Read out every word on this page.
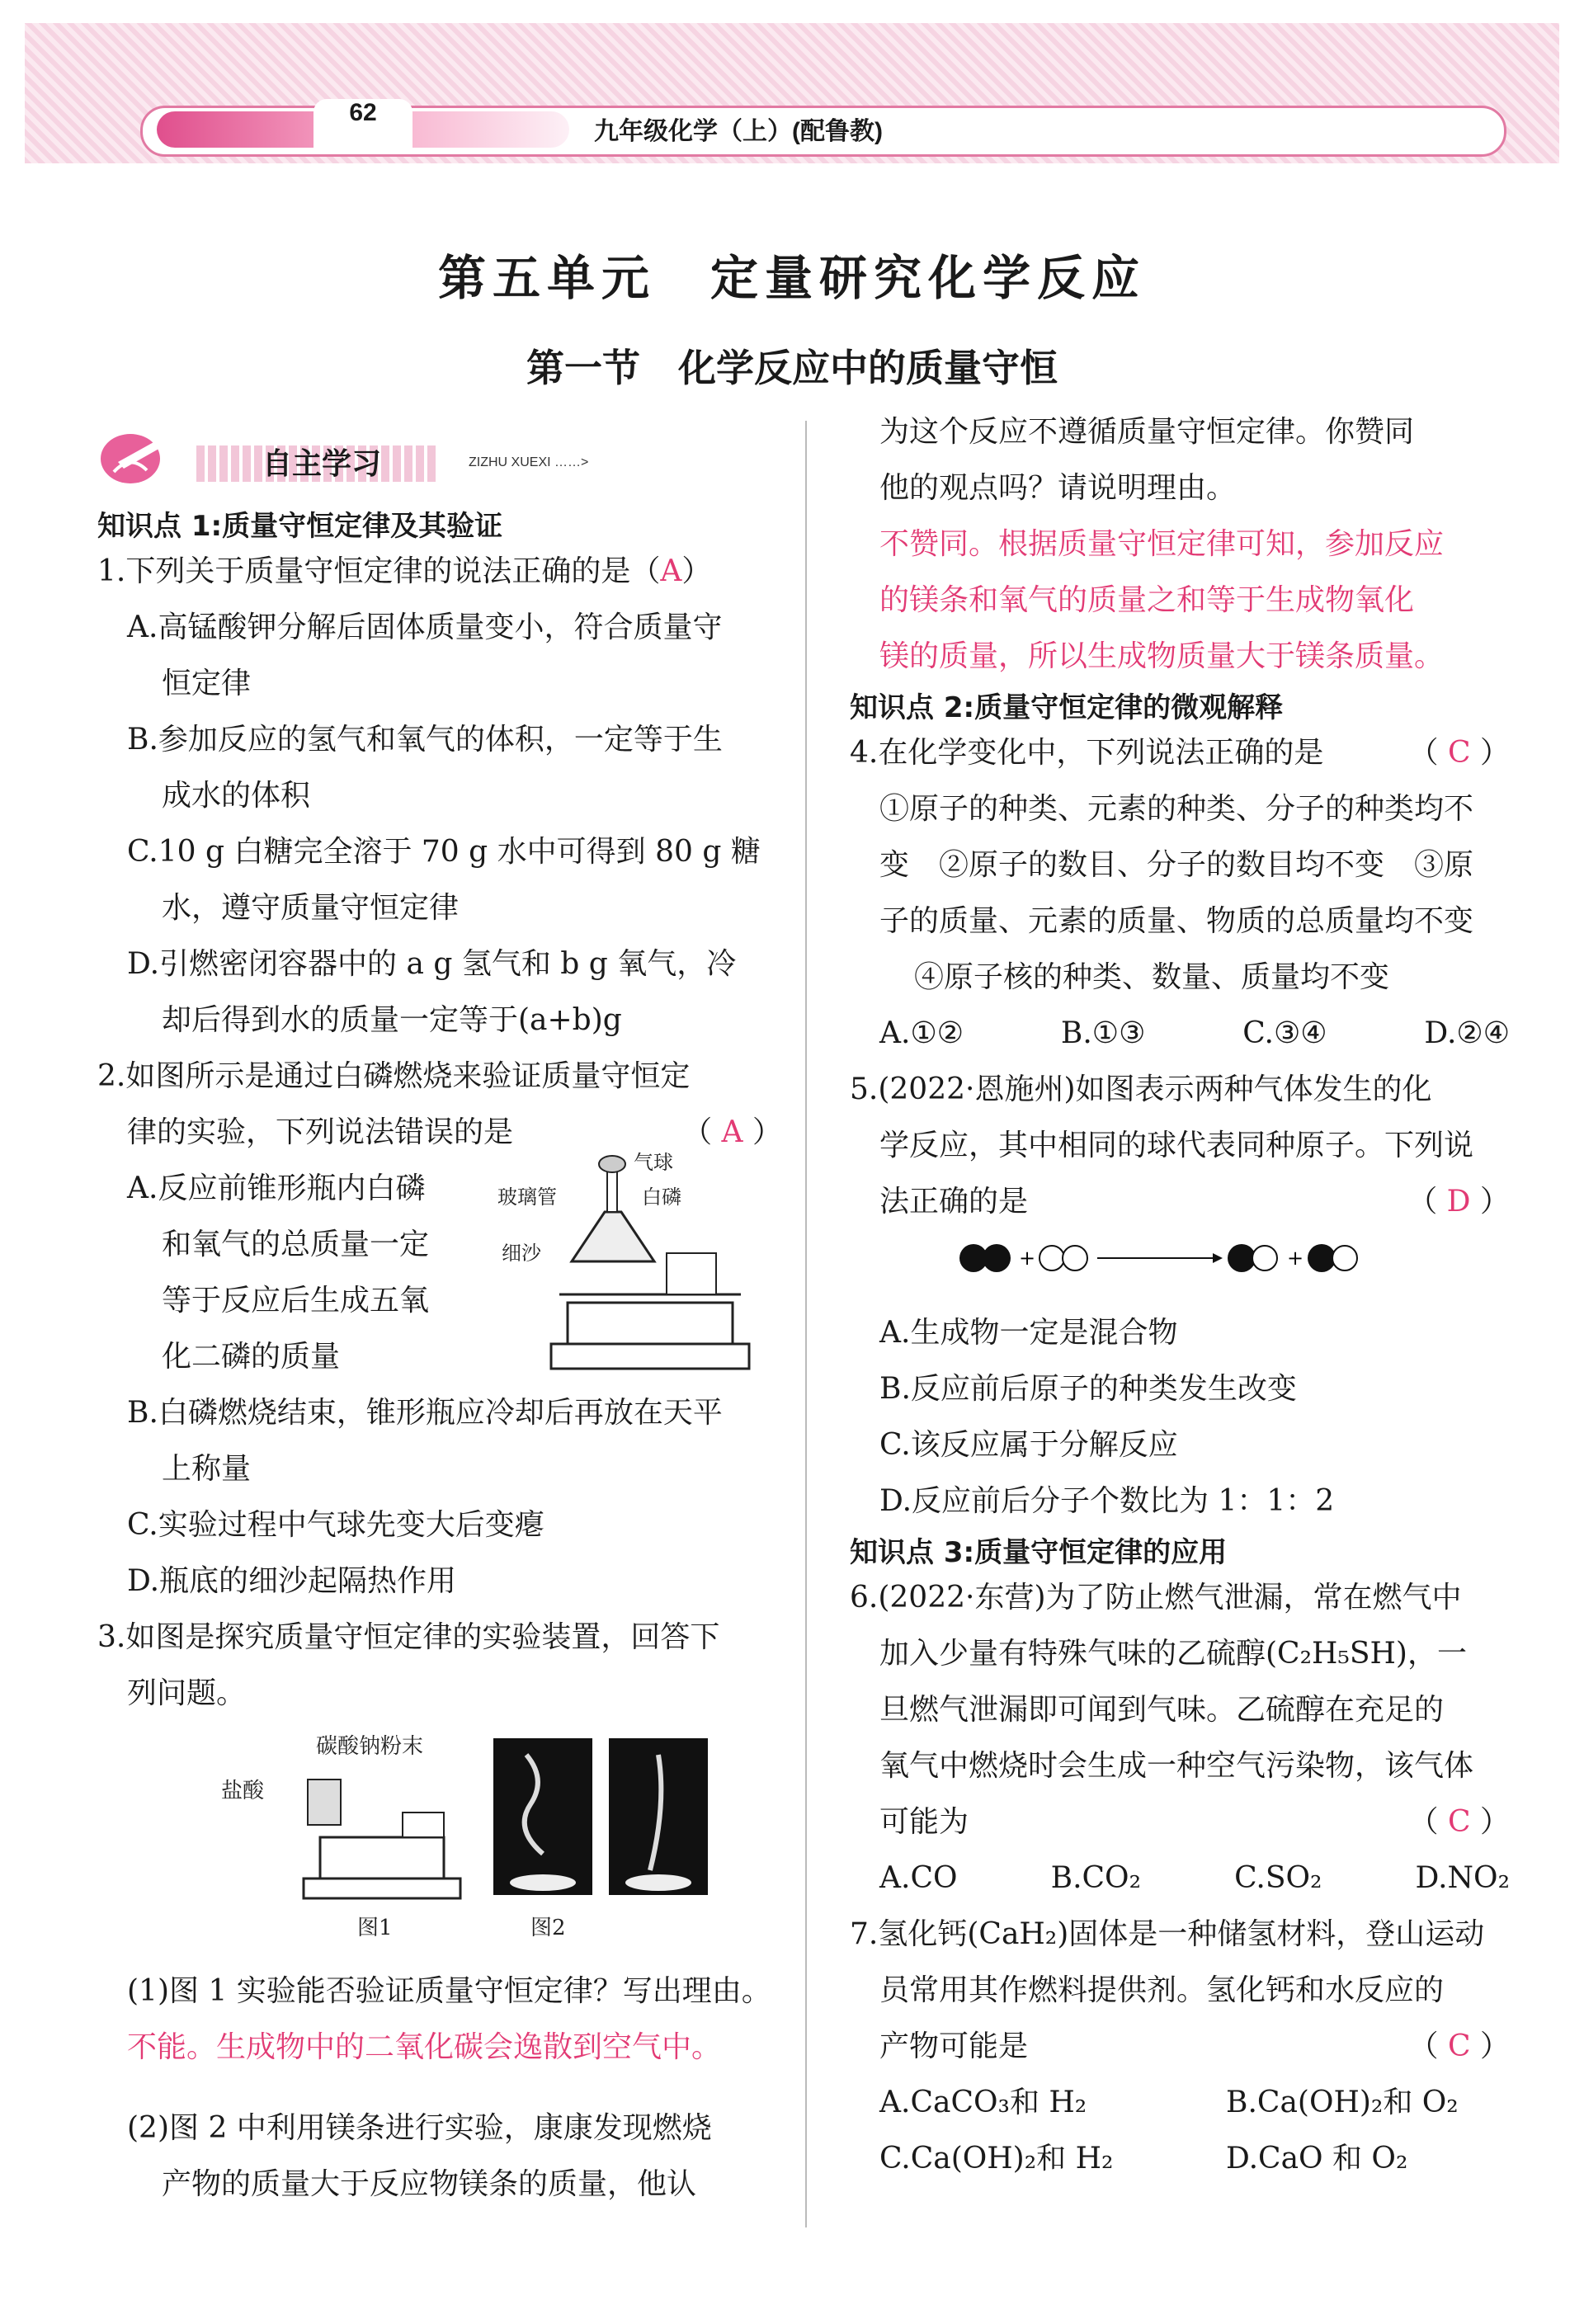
62
九年级化学（上）(配鲁教)
第五单元　定量研究化学反应
第一节　化学反应中的质量守恒
自主学习	ZIZHU XUEXI ……>

知识点 1:质量守恒定律及其验证

1.下列关于质量守恒定律的说法正确的是（A）

A.高锰酸钾分解后固体质量变小，符合质量守

恒定律

B.参加反应的氢气和氧气的体积，一定等于生

成水的体积

C.10 g 白糖完全溶于 70 g 水中可得到 80 g 糖

水，遵守质量守恒定律

D.引燃密闭容器中的 a g 氢气和 b g 氧气，冷

却后得到水的质量一定等于(a+b)g

2.如图所示是通过白磷燃烧来验证质量守恒定

律的实验，下列说法错误的是	（ A ）

A.反应前锥形瓶内白磷

和氧气的总质量一定

等于反应后生成五氧

化二磷的质量

气球
玻璃管	白磷
细沙

B.白磷燃烧结束，锥形瓶应冷却后再放在天平

上称量

C.实验过程中气球先变大后变瘪

D.瓶底的细沙起隔热作用

3.如图是探究质量守恒定律的实验装置，回答下

列问题。

碳酸钠粉末
盐酸
图1	图2

(1)图 1 实验能否验证质量守恒定律？写出理由。

不能。生成物中的二氧化碳会逸散到空气中。

(2)图 2 中利用镁条进行实验，康康发现燃烧

产物的质量大于反应物镁条的质量，他认

为这个反应不遵循质量守恒定律。你赞同

他的观点吗？请说明理由。

不赞同。根据质量守恒定律可知，参加反应

的镁条和氧气的质量之和等于生成物氧化

镁的质量，所以生成物质量大于镁条质量。

知识点 2:质量守恒定律的微观解释

4.在化学变化中，下列说法正确的是	（ C ）

①原子的种类、元素的种类、分子的种类均不

变　②原子的数目、分子的数目均不变　③原

子的质量、元素的质量、物质的总质量均不变

④原子核的种类、数量、质量均不变

A.①②	B.①③	C.③④	D.②④

5.(2022·恩施州)如图表示两种气体发生的化

学反应，其中相同的球代表同种原子。下列说

法正确的是	（ D ）

+	+

A.生成物一定是混合物

B.反应前后原子的种类发生改变

C.该反应属于分解反应

D.反应前后分子个数比为 1：1：2

知识点 3:质量守恒定律的应用

6.(2022·东营)为了防止燃气泄漏，常在燃气中

加入少量有特殊气味的乙硫醇(C₂H₅SH)，一

旦燃气泄漏即可闻到气味。乙硫醇在充足的

氧气中燃烧时会生成一种空气污染物，该气体

可能为	（ C ）

A.CO	B.CO₂	C.SO₂	D.NO₂

7.氢化钙(CaH₂)固体是一种储氢材料，登山运动

员常用其作燃料提供剂。氢化钙和水反应的

产物可能是	（ C ）

A.CaCO₃和 H₂	B.Ca(OH)₂和 O₂

C.Ca(OH)₂和 H₂	D.CaO 和 O₂
